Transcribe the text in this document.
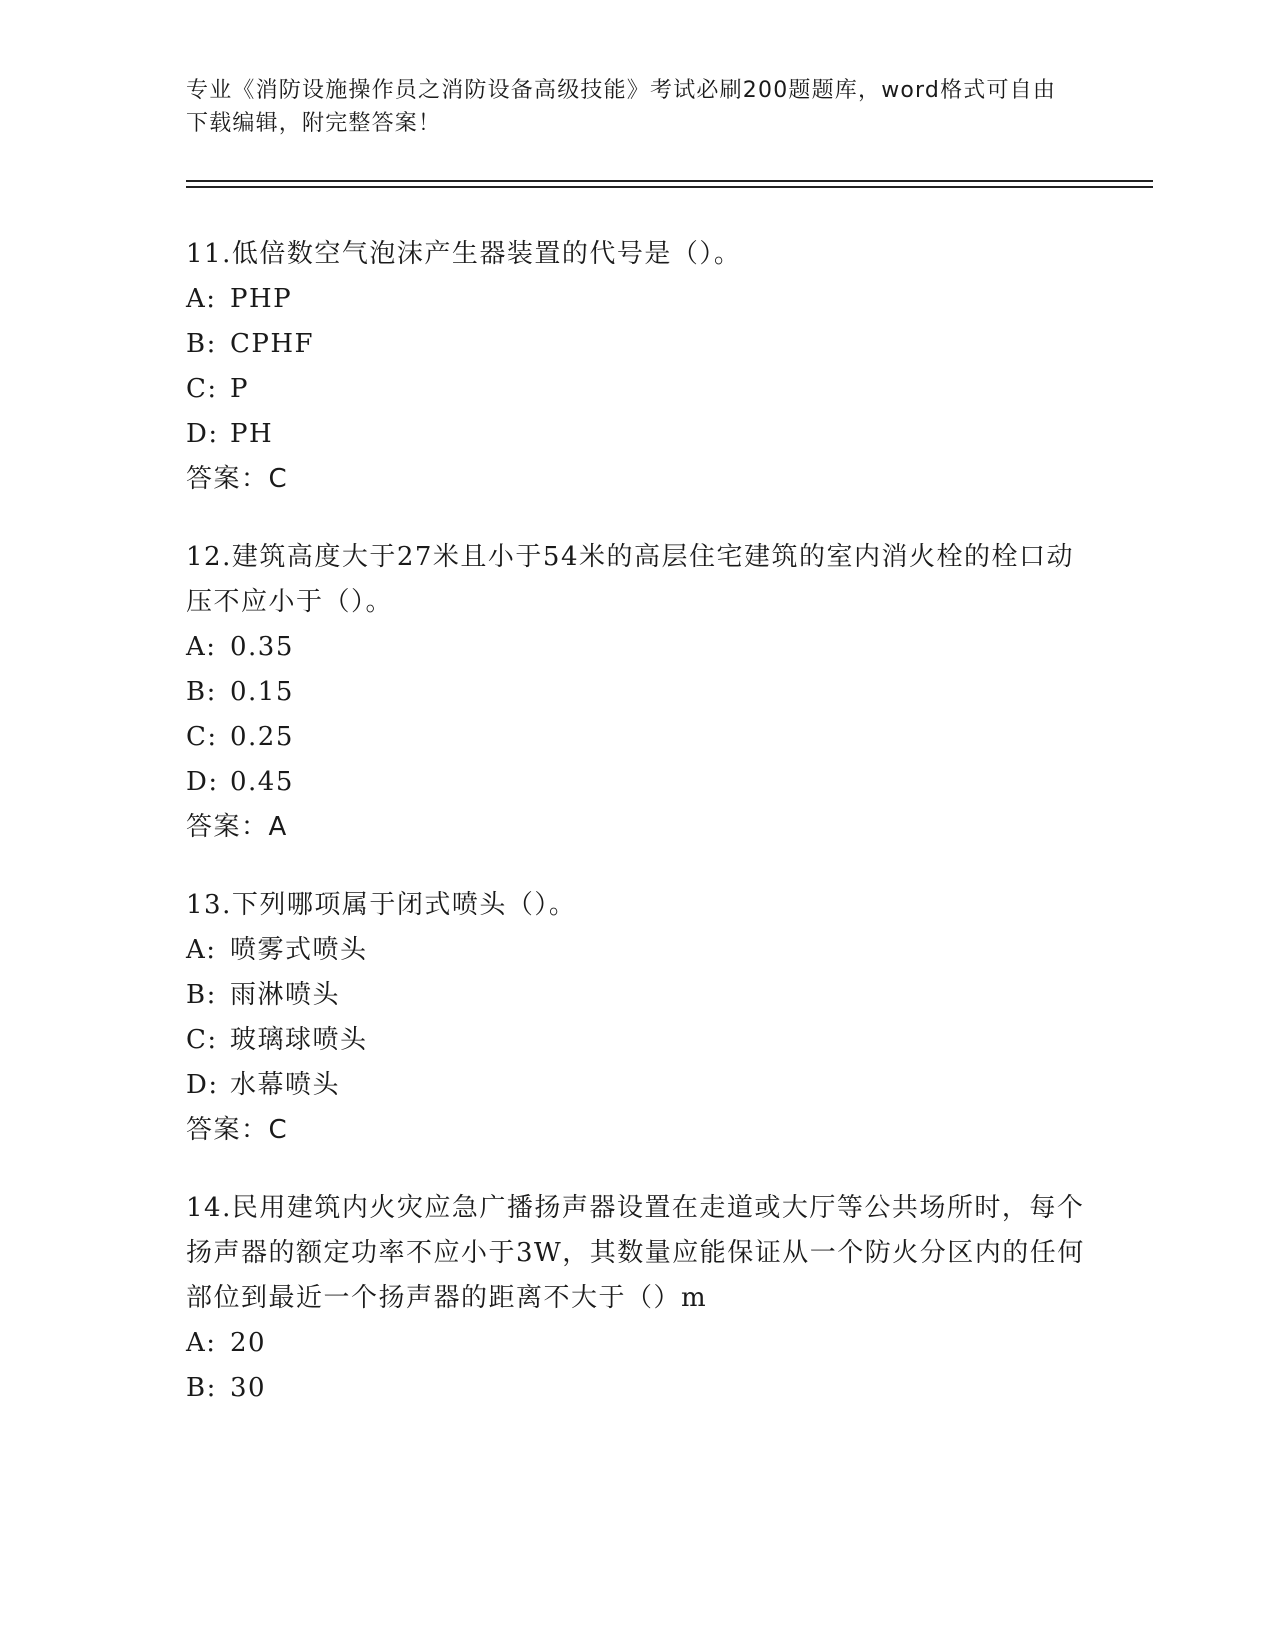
专业《消防设施操作员之消防设备高级技能》考试必刷200题题库，word格式可自由下载编辑，附完整答案！

11.低倍数空气泡沫产生器装置的代号是（）。

A: PHP
B: CPHF
C: P
D: PH
答案：C

12.建筑高度大于27米且小于54米的高层住宅建筑的室内消火栓的栓口动压不应小于（）。

A: 0.35
B: 0.15
C: 0.25
D: 0.45
答案：A

13.下列哪项属于闭式喷头（）。

A: 喷雾式喷头
B: 雨淋喷头
C: 玻璃球喷头
D: 水幕喷头
答案：C

14.民用建筑内火灾应急广播扬声器设置在走道或大厅等公共场所时，每个扬声器的额定功率不应小于3W，其数量应能保证从一个防火分区内的任何部位到最近一个扬声器的距离不大于（）m

A: 20
B: 30
